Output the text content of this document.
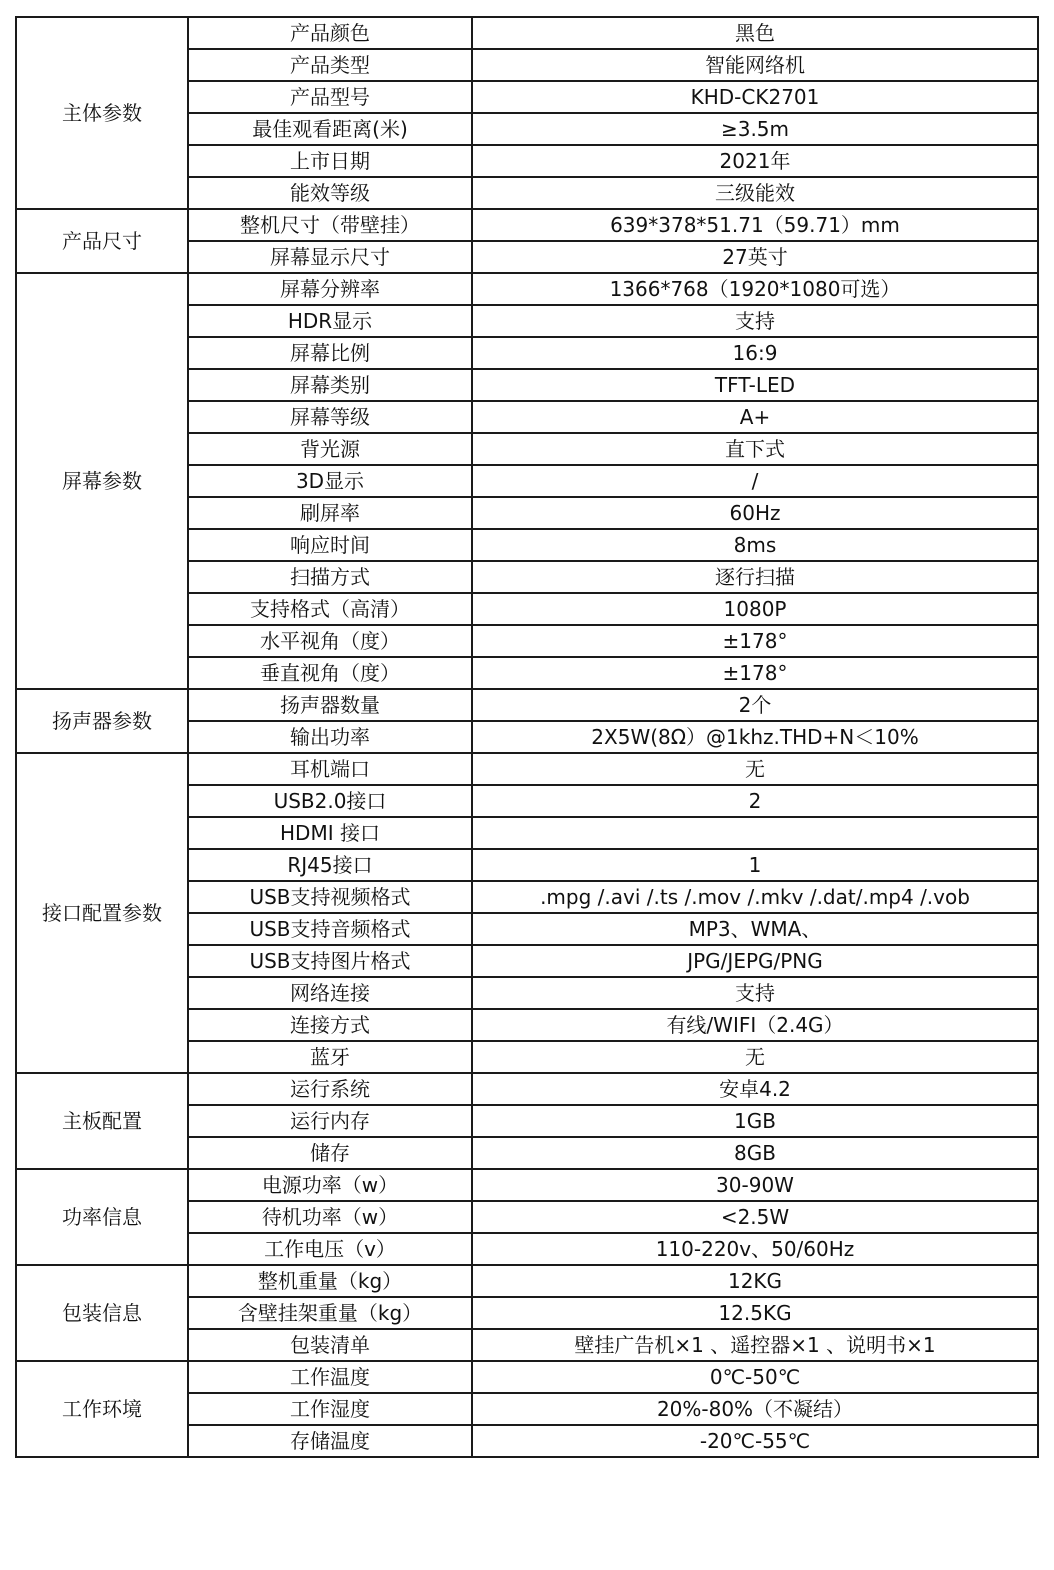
主体参数	产品颜色	黑色
	产品类型	智能网络机
	产品型号	KHD-CK2701
	最佳观看距离(米)	≥3.5m
	上市日期	2021年
	能效等级	三级能效
产品尺寸	整机尺寸（带壁挂）	639*378*51.71（59.71）mm
	屏幕显示尺寸	27英寸
屏幕参数	屏幕分辨率	1366*768（1920*1080可选）
	HDR显示	支持
	屏幕比例	16:9
	屏幕类别	TFT-LED
	屏幕等级	A+
	背光源	直下式
	3D显示	/
	刷屏率	60Hz
	响应时间	8ms
	扫描方式	逐行扫描
	支持格式（高清）	1080P
	水平视角（度）	±178°
	垂直视角（度）	±178°
扬声器参数	扬声器数量	2个
	输出功率	2X5W(8Ω）@1khz.THD+N＜10%
接口配置参数	耳机端口	无
	USB2.0接口	2
	HDMI 接口	
	RJ45接口	1
	USB支持视频格式	.mpg /.avi /.ts /.mov /.mkv /.dat/.mp4 /.vob
	USB支持音频格式	MP3、WMA、
	USB支持图片格式	JPG/JEPG/PNG
	网络连接	支持
	连接方式	有线/WIFI（2.4G）
	蓝牙	无
主板配置	运行系统	安卓4.2
	运行内存	1GB
	储存	8GB
功率信息	电源功率（w）	30-90W
	待机功率（w）	<2.5W
	工作电压（v）	110-220v、50/60Hz
包装信息	整机重量（kg）	12KG
	含壁挂架重量（kg）	12.5KG
	包装清单	壁挂广告机×1 、遥控器×1 、说明书×1
工作环境	工作温度	0℃-50℃
	工作湿度	20%-80%（不凝结）
	存储温度	-20℃-55℃
